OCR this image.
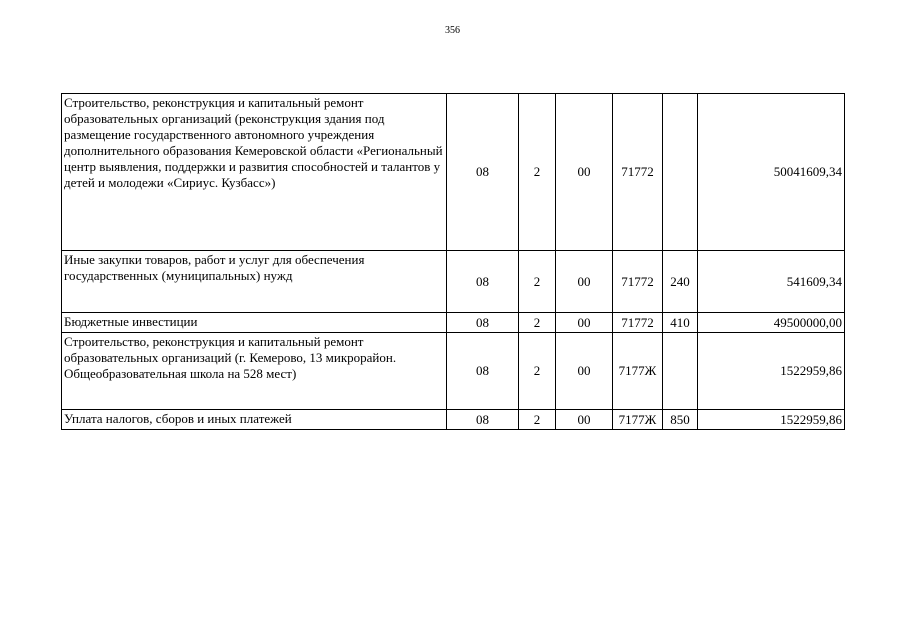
356
Строительство, реконструкция и капитальный ремонт образовательных организаций (реконструкция здания под размещение государственного автономного учреждения дополнительного образования Кемеровской области «Региональный центр выявления, поддержки и развития способностей и талантов у детей и молодежи «Сириус. Кузбасс»)	08	2	00	71772		50041609,34
Иные закупки товаров, работ и услуг для обеспечения государственных (муниципальных) нужд	08	2	00	71772	240	541609,34
Бюджетные инвестиции	08	2	00	71772	410	49500000,00
Строительство, реконструкция и капитальный ремонт образовательных организаций (г. Кемерово, 13 микрорайон. Общеобразовательная школа на 528 мест)	08	2	00	7177Ж		1522959,86
Уплата налогов, сборов и иных платежей	08	2	00	7177Ж	850	1522959,86
